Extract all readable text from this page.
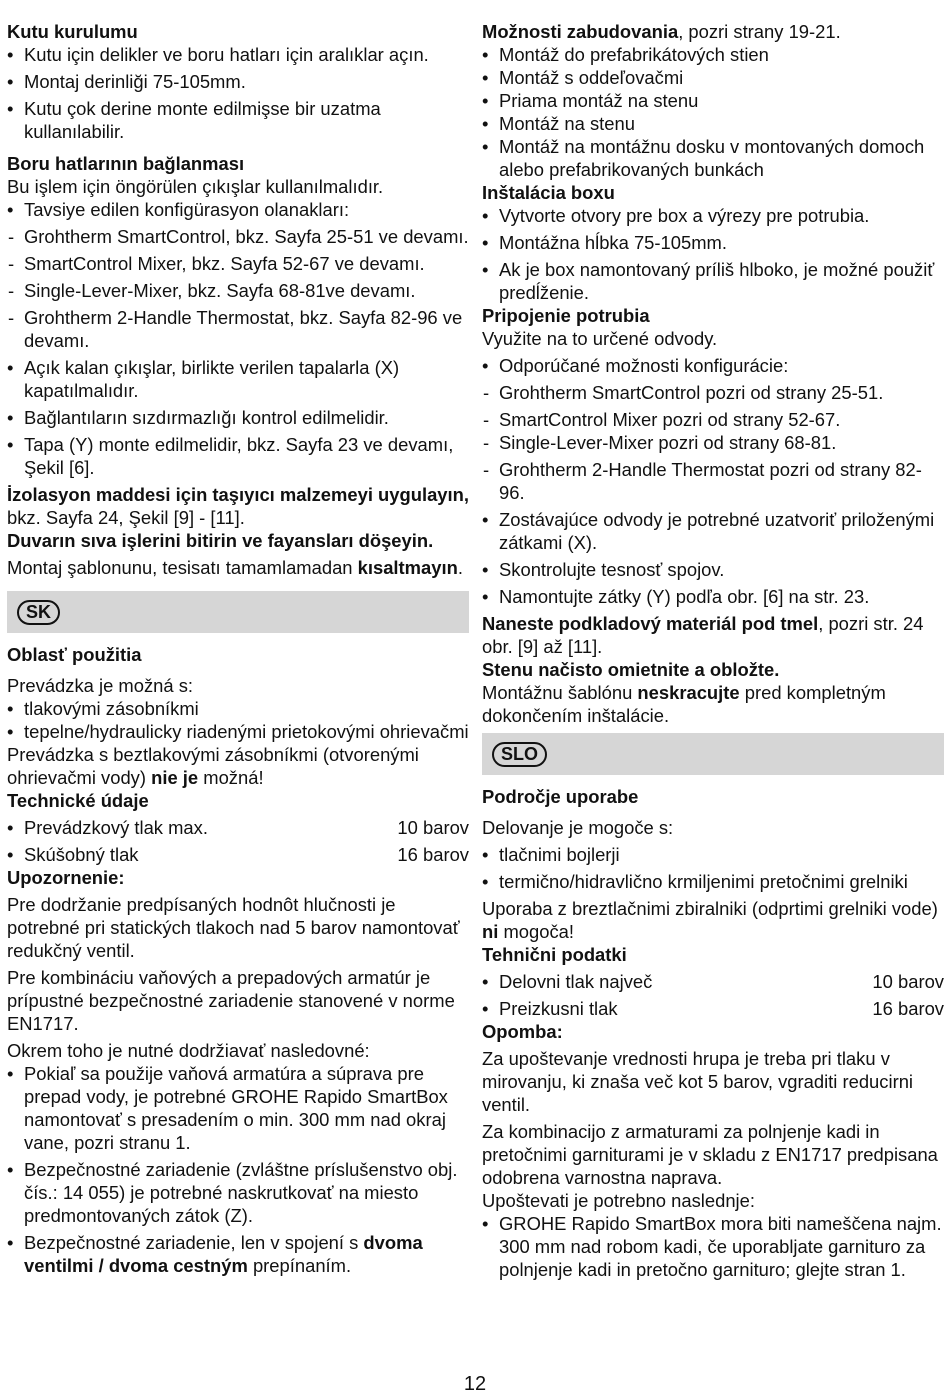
Kutu kurulumu

• Kutu için delikler ve boru hatları için aralıklar açın.

• Montaj derinliği 75-105mm.

• Kutu çok derine monte edilmişse bir uzatma kullanılabilir.

Boru hatlarının bağlanması

Bu işlem için öngörülen çıkışlar kullanılmalıdır.

• Tavsiye edilen konfigürasyon olanakları:

- Grohtherm SmartControl, bkz. Sayfa 25-51 ve devamı.

- SmartControl Mixer, bkz. Sayfa 52-67 ve devamı.

- Single-Lever-Mixer, bkz. Sayfa 68-81ve devamı.

- Grohtherm 2-Handle Thermostat, bkz. Sayfa 82-96 ve devamı.

• Açık kalan çıkışlar, birlikte verilen tapalarla (X) kapatılmalıdır.

• Bağlantıların sızdırmazlığı kontrol edilmelidir.

• Tapa (Y) monte edilmelidir, bkz. Sayfa 23 ve devamı, Şekil [6].

İzolasyon maddesi için taşıyıcı malzemeyi uygulayın, bkz. Sayfa 24, Şekil [9] - [11].

Duvarın sıva işlerini bitirin ve fayansları döşeyin.

Montaj şablonunu, tesisatı tamamlamadan kısaltmayın.

SK

Oblasť použitia

Prevádzka je možná s:

• tlakovými zásobníkmi

• tepelne/hydraulicky riadenými prietokovými ohrievačmi

Prevádzka s beztlakovými zásobníkmi (otvorenými ohrievačmi vody) nie je možná!

Technické údaje

• Prevádzkový tlak max.	10 barov
• Skúšobný tlak	16 barov

Upozornenie:

Pre dodržanie predpísaných hodnôt hlučnosti je potrebné pri statických tlakoch nad 5 barov namontovať redukčný ventil.

Pre kombináciu vaňových a prepadových armatúr je prípustné bezpečnostné zariadenie stanovené v norme EN1717.

Okrem toho je nutné dodržiavať nasledovné:

• Pokiaľ sa použije vaňová armatúra a súprava pre prepad vody, je potrebné GROHE Rapido SmartBox namontovať s presadením o min. 300 mm nad okraj vane, pozri stranu 1.

• Bezpečnostné zariadenie (zvláštne príslušenstvo obj. čís.: 14 055) je potrebné naskrutkovať na miesto predmontovaných zátok (Z).

• Bezpečnostné zariadenie, len v spojení s dvoma ventilmi / dvoma cestným prepínaním.

Možnosti zabudovania, pozri strany 19-21.

• Montáž do prefabrikátových stien

• Montáž s oddeľovačmi

• Priama montáž na stenu

• Montáž na stenu

• Montáž na montážnu dosku v montovaných domoch alebo prefabrikovaných bunkách

Inštalácia boxu

• Vytvorte otvory pre box a výrezy pre potrubia.

• Montážna hĺbka 75-105mm.

• Ak je box namontovaný príliš hlboko, je možné použiť predĺženie.

Pripojenie potrubia

Využite na to určené odvody.

• Odporúčané možnosti konfigurácie:

- Grohtherm SmartControl pozri od strany 25-51.

- SmartControl Mixer pozri od strany 52-67.

- Single-Lever-Mixer pozri od strany 68-81.

- Grohtherm 2-Handle Thermostat pozri od strany 82-96.

• Zostávajúce odvody je potrebné uzatvoriť priloženými zátkami (X).

• Skontrolujte tesnosť spojov.

• Namontujte zátky (Y) podľa obr. [6] na str. 23.

Naneste podkladový materiál pod tmel, pozri str. 24 obr. [9] až [11].

Stenu načisto omietnite a obložte.

Montážnu šablónu neskracujte pred kompletným dokončením inštalácie.

SLO

Področje uporabe

Delovanje je mogoče s:

• tlačnimi bojlerji

• termično/hidravlično krmiljenimi pretočnimi grelniki

Uporaba z breztlačnimi zbiralniki (odprtimi grelniki vode) ni mogoča!

Tehnični podatki

• Delovni tlak največ	10 barov
• Preizkusni tlak	16 barov

Opomba:

Za upoštevanje vrednosti hrupa je treba pri tlaku v mirovanju, ki znaša več kot 5 barov, vgraditi reducirni ventil.

Za kombinacijo z armaturami za polnjenje kadi in pretočnimi garniturami je v skladu z EN1717 predpisana odobrena varnostna naprava.

Upoštevati je potrebno naslednje:

• GROHE Rapido SmartBox mora biti nameščena najm. 300 mm nad robom kadi, če uporabljate garnituro za polnjenje kadi in pretočno garnituro; glejte stran 1.

12
